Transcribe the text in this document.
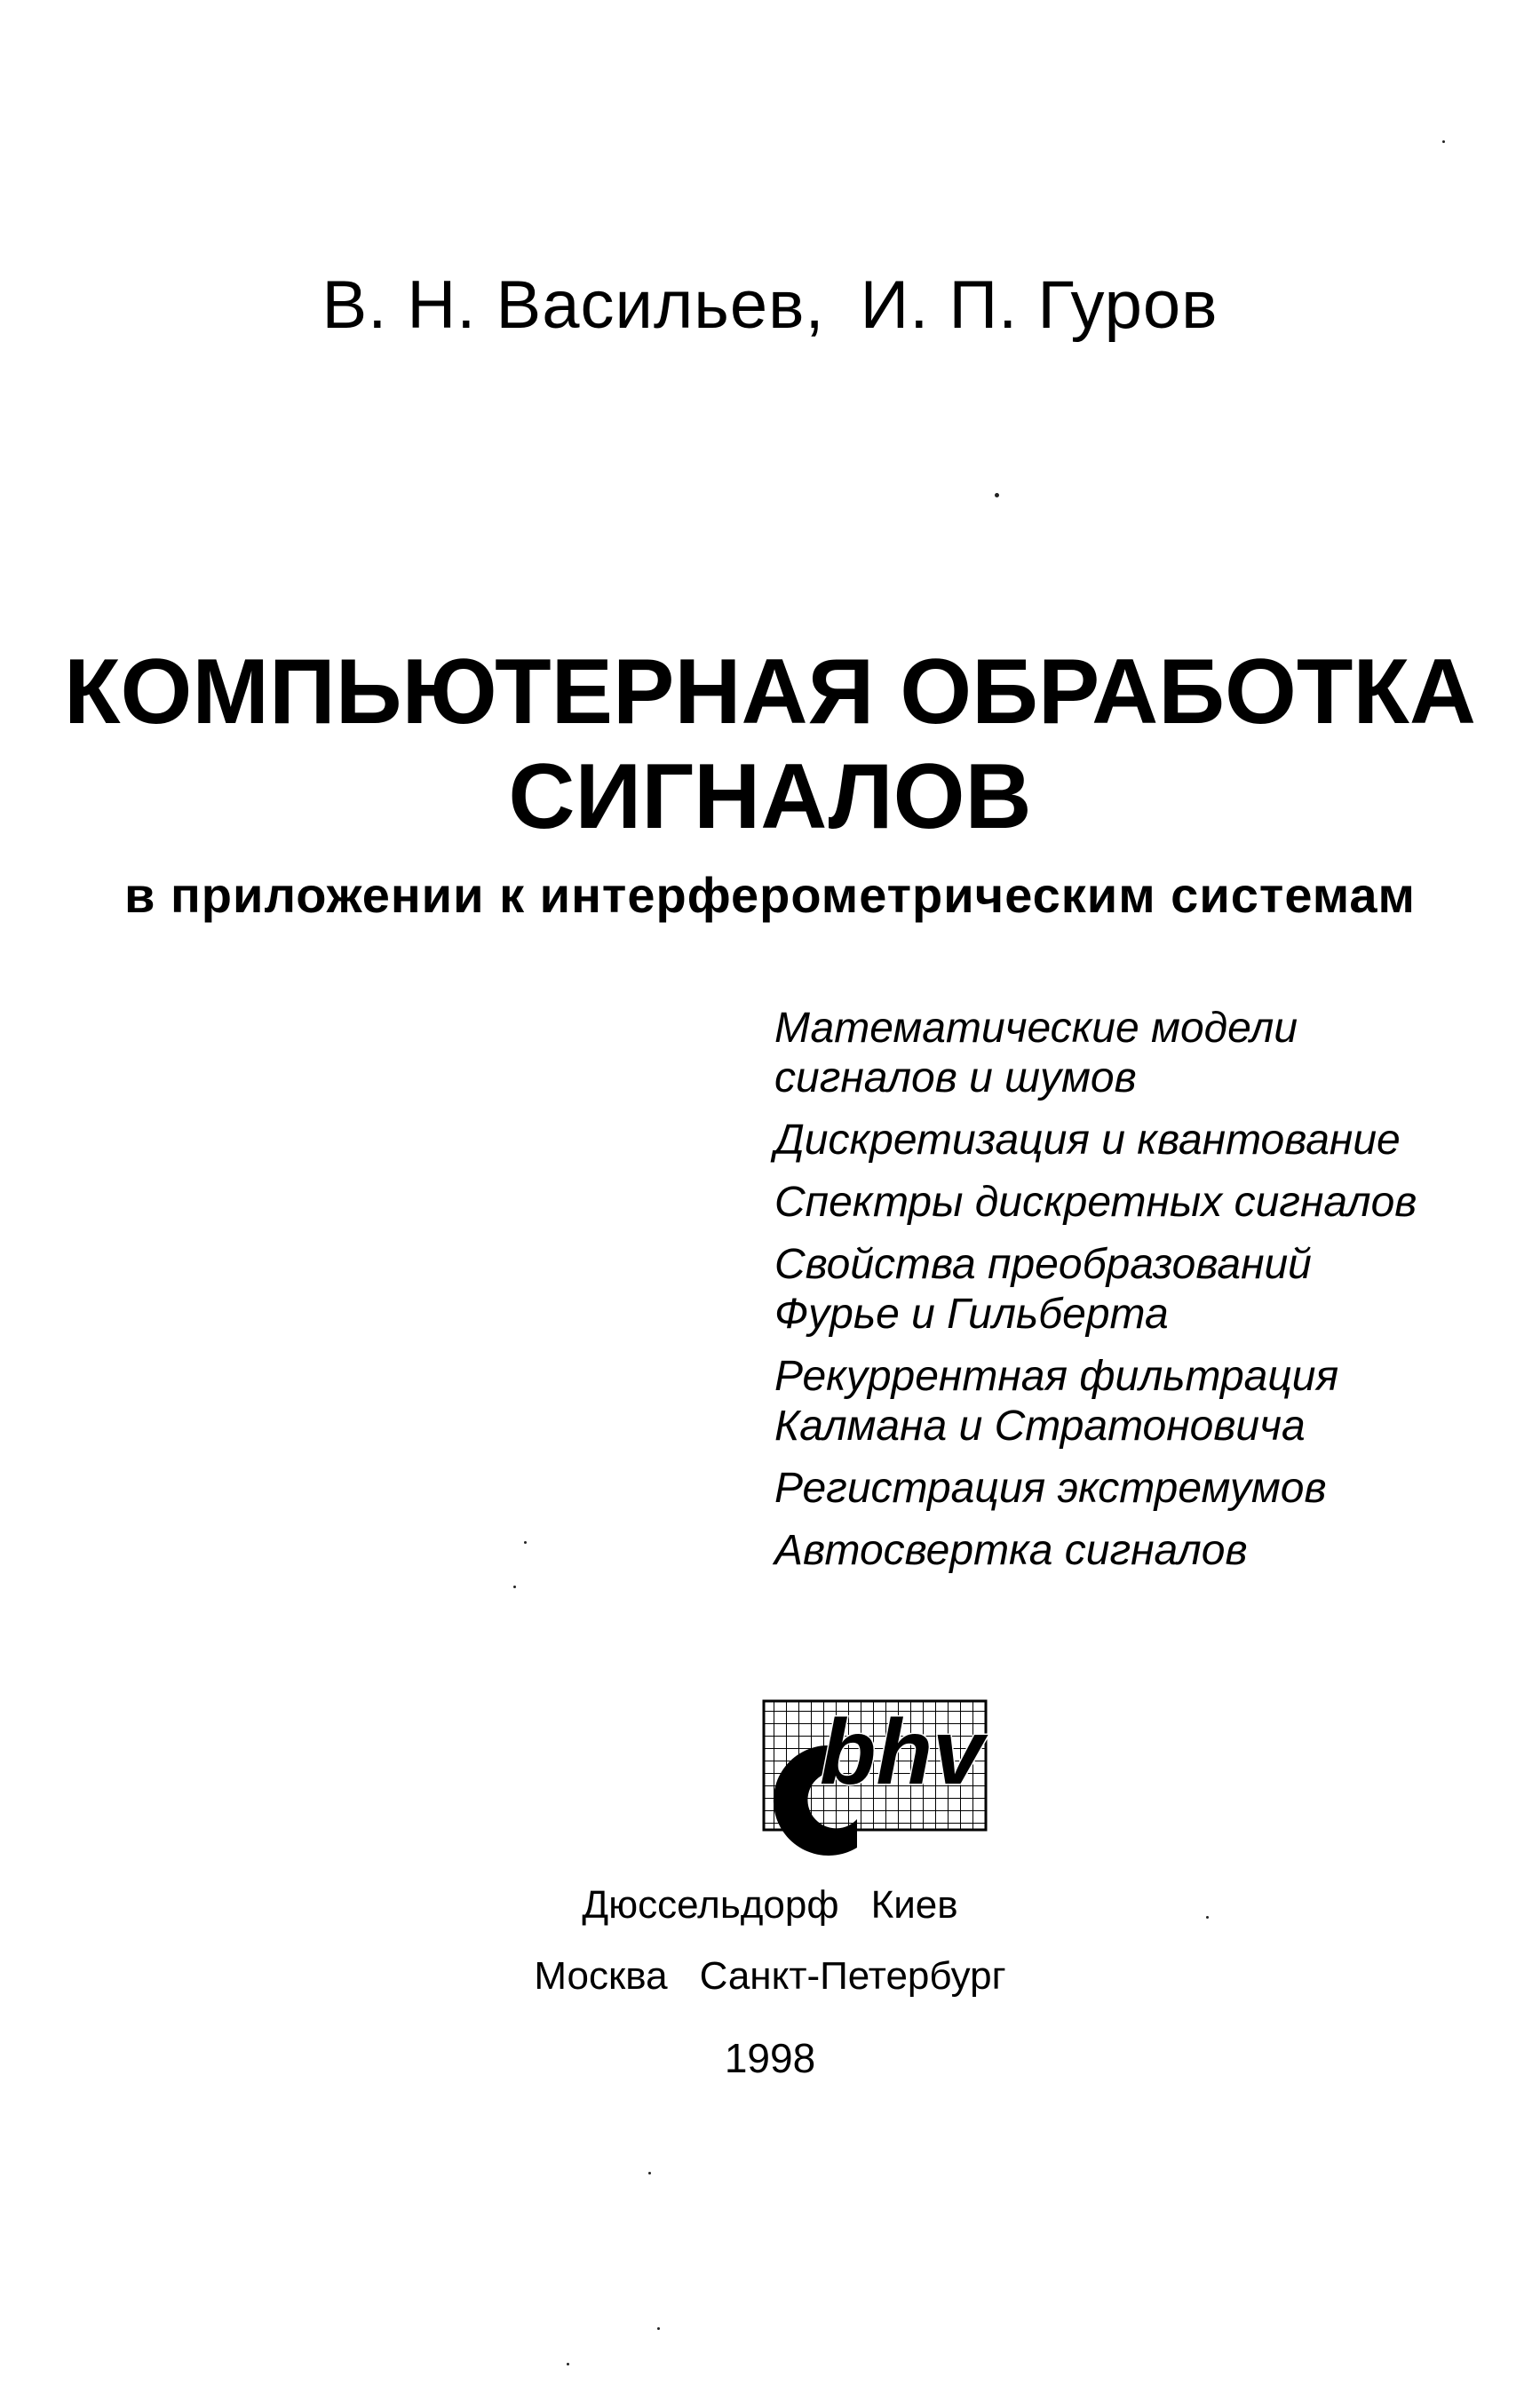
В. Н. Васильев, И. П. Гуров
КОМПЬЮТЕРНАЯ ОБРАБОТКА
СИГНАЛОВ
в приложении к интерферометрическим системам
Математические модели
сигналов и шумов
Дискретизация и квантование
Спектры дискретных сигналов
Свойства преобразований
Фурье и Гильберта
Рекуррентная фильтрация
Калмана и Стратоновича
Регистрация экстремумов
Автосвертка сигналов
bhv
Дюссельдорф Киев
Москва Санкт-Петербург
1998
